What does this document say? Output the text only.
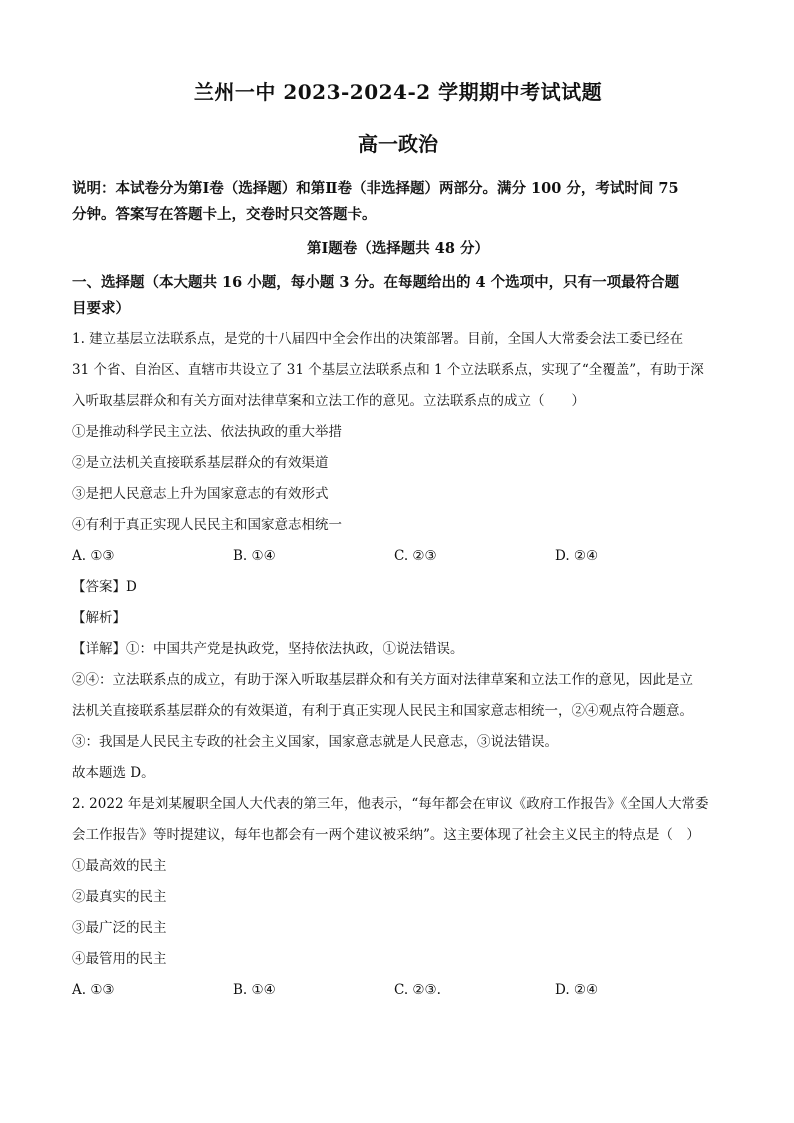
兰州一中 2023-2024-2 学期期中考试试题
高一政治

说明：本试卷分为第Ⅰ卷（选择题）和第Ⅱ卷（非选择题）两部分。满分 100 分，考试时间 75

分钟。答案写在答题卡上，交卷时只交答题卡。

第Ⅰ题卷（选择题共 48 分）

一、选择题（本大题共 16 小题，每小题 3 分。在每题给出的 4 个选项中，只有一项最符合题

目要求）

1. 建立基层立法联系点，是党的十八届四中全会作出的决策部署。目前，全国人大常委会法工委已经在

31 个省、自治区、直辖市共设立了 31 个基层立法联系点和 1 个立法联系点，实现了“全覆盖”，有助于深

入听取基层群众和有关方面对法律草案和立法工作的意见。立法联系点的成立（　　）

①是推动科学民主立法、依法执政的重大举措

②是立法机关直接联系基层群众的有效渠道

③是把人民意志上升为国家意志的有效形式

④有利于真正实现人民民主和国家意志相统一

A. ①③	B. ①④	C. ②③	D. ②④

【答案】D

【解析】

【详解】①：中国共产党是执政党，坚持依法执政，①说法错误。

②④：立法联系点的成立，有助于深入听取基层群众和有关方面对法律草案和立法工作的意见，因此是立

法机关直接联系基层群众的有效渠道，有利于真正实现人民民主和国家意志相统一，②④观点符合题意。

③：我国是人民民主专政的社会主义国家，国家意志就是人民意志，③说法错误。

故本题选 D。

2. 2022 年是刘某履职全国人大代表的第三年，他表示，“每年都会在审议《政府工作报告》《全国人大常委

会工作报告》等时提建议，每年也都会有一两个建议被采纳”。这主要体现了社会主义民主的特点是（　）

①最高效的民主

②最真实的民主

③最广泛的民主

④最管用的民主

A. ①③	B. ①④	C. ②③.	D. ②④
